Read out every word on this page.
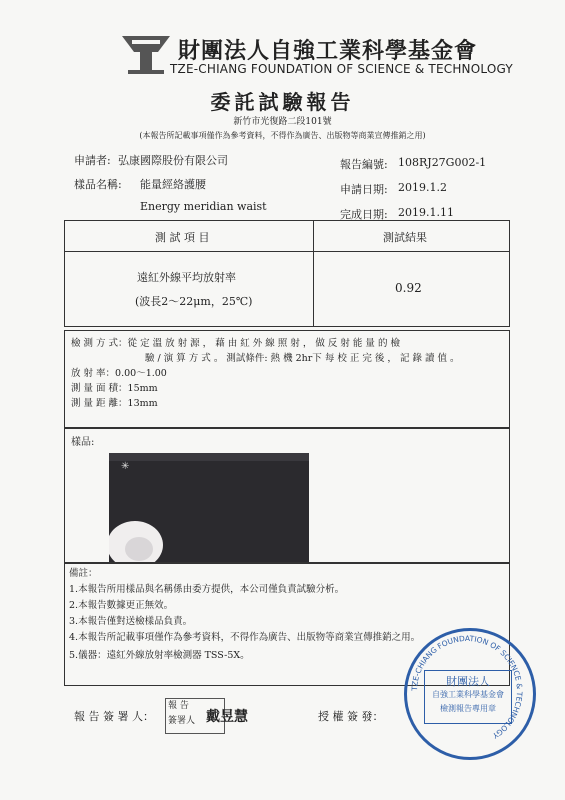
財團法人自強工業科學基金會
TZE-CHIANG FOUNDATION OF SCIENCE & TECHNOLOGY
委託試驗報告
新竹市光復路二段101號
(本報告所記載事項僅作為參考資料，不得作為廣告、出版物等商業宣傳推銷之用)
申請者: 弘康國際股份有限公司
樣品名稱: 能量經絡護腰
Energy meridian waist
報告編號: 108RJ27G002-1
申請日期: 2019.1.2
完成日期: 2019.1.11
測 試 項 目	測試結果
遠紅外線平均放射率
(波長2～22μm，25℃)
0.92
檢 測 方 式：從 定 溫 放 射 源 ， 藉 由 紅 外 線 照 射 ， 做 反 射 能 量 的 檢
驗 / 演 算 方 式 。 測試條件: 熱 機 2hr下 每 校 正 完 後 ， 記 錄 讀 值 。
放 射 率：0.00～1.00
測 量 面 積：15mm
測 量 距 離：13mm
樣品:
✳
備註：
1.本報告所用樣品與名稱係由委方提供，本公司僅負責試驗分析。
2.本報告數據更正無效。
3.本報告僅對送檢樣品負責。
4.本報告所記載事項僅作為參考資料，不得作為廣告、出版物等商業宣傳推銷之用。
5.儀器：遠紅外線放射率檢測器 TSS-5X。
報 告 簽 署 人：
報 告
簽署人 戴昱慧	授 權 簽 發：
TZE-CHIANG FOUNDATION OF SCIENCE & TECHNOLOGY
財團法人
自強工業科學基金會
檢測報告專用章
